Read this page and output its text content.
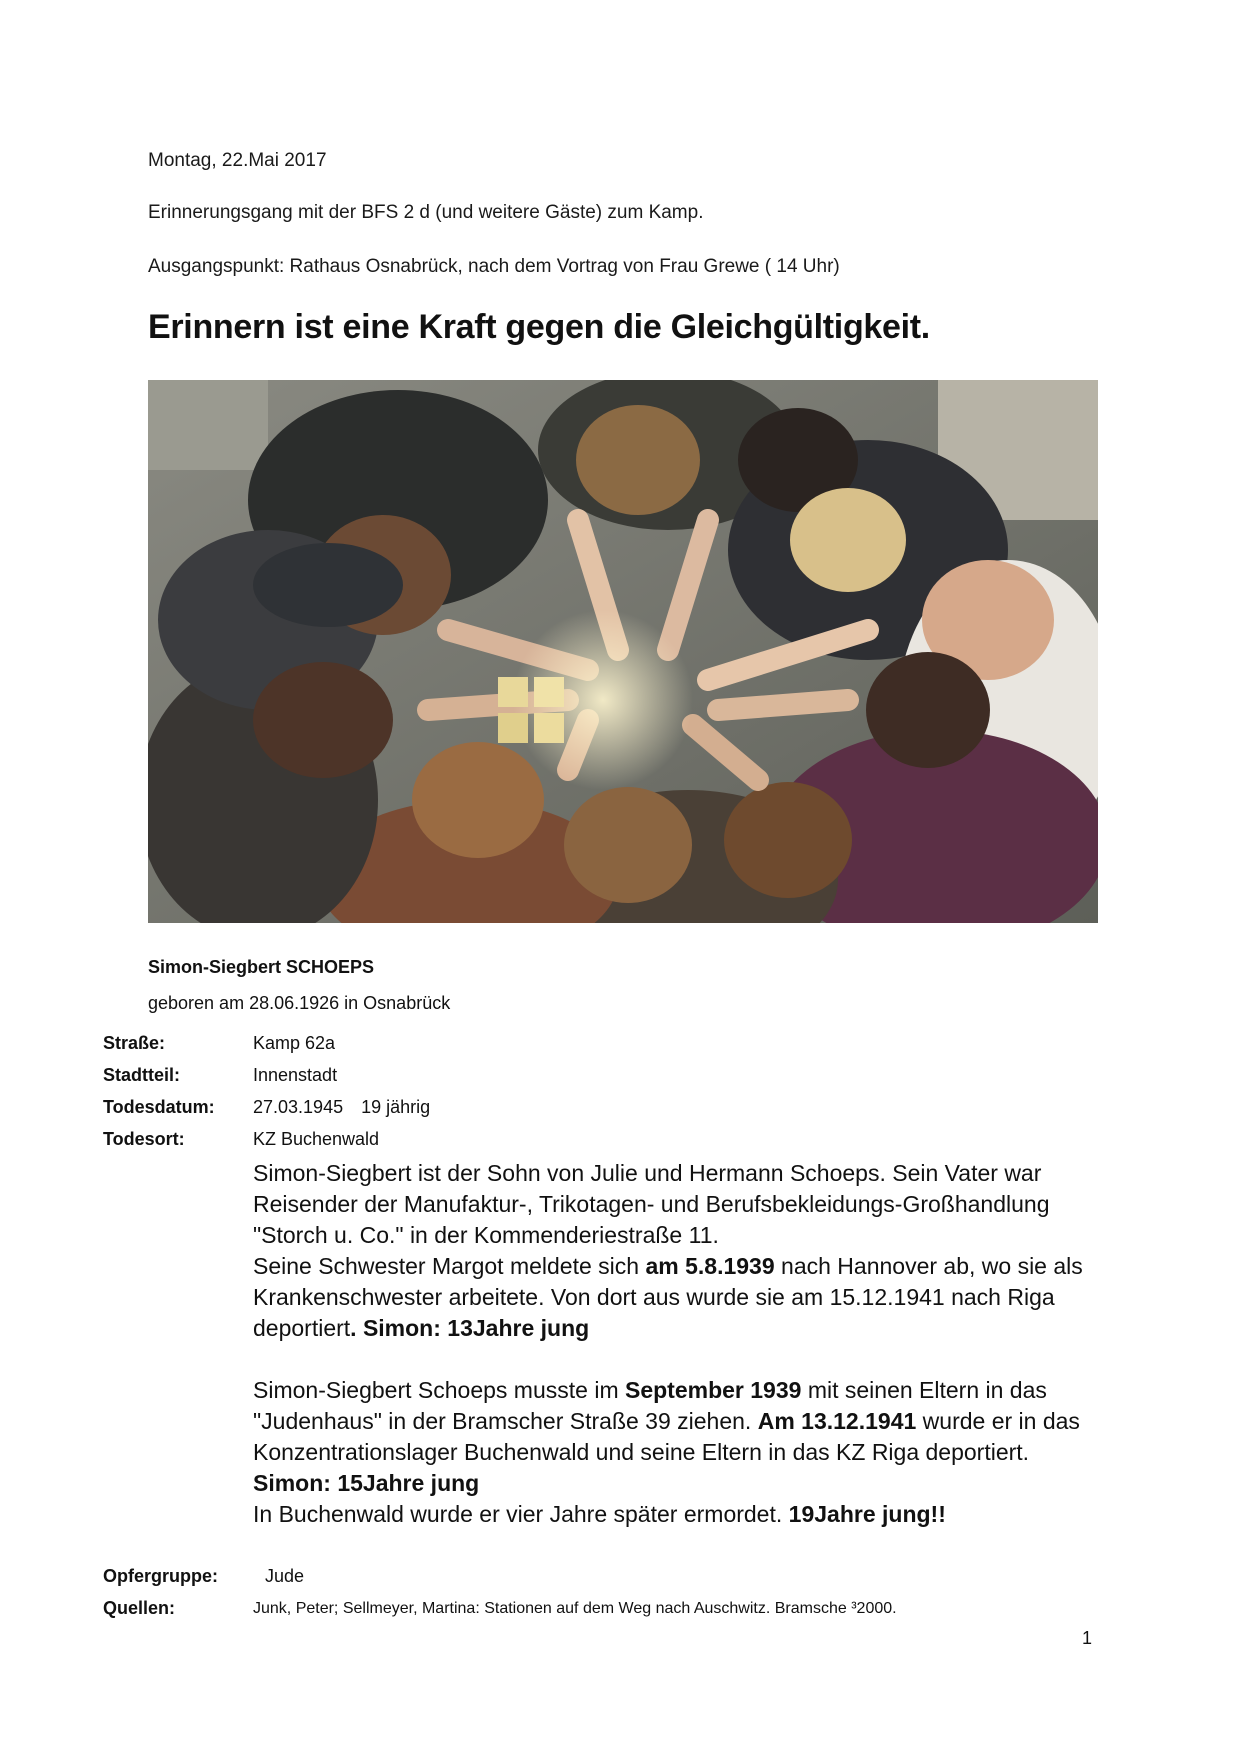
Montag, 22.Mai 2017
Erinnerungsgang mit der BFS 2 d (und weitere Gäste) zum Kamp.
Ausgangspunkt: Rathaus Osnabrück, nach dem Vortrag von Frau Grewe ( 14 Uhr)
Erinnern ist eine Kraft gegen die Gleichgültigkeit.
Simon-Siegbert SCHOEPS
geboren am 28.06.1926 in Osnabrück
Straße:	Kamp 62a
Stadtteil:	Innenstadt
Todesdatum: 27.03.1945 19 jährig
Todesort:	KZ Buchenwald

Simon-Siegbert ist der Sohn von Julie und Hermann Schoeps. Sein Vater war Reisender der Manufaktur-, Trikotagen- und Berufsbekleidungs-Großhandlung "Storch u. Co." in der Kommenderiestraße 11.
Seine Schwester Margot meldete sich am 5.8.1939 nach Hannover ab, wo sie als Krankenschwester arbeitete. Von dort aus wurde sie am 15.12.1941 nach Riga deportiert. Simon: 13Jahre jung

Simon-Siegbert Schoeps musste im September 1939 mit seinen Eltern in das "Judenhaus" in der Bramscher Straße 39 ziehen. Am 13.12.1941 wurde er in das Konzentrationslager Buchenwald und seine Eltern in das KZ Riga deportiert. Simon: 15Jahre jung
In Buchenwald wurde er vier Jahre später ermordet. 19Jahre jung!!

Opfergruppe:	Jude
Quellen:	Junk, Peter; Sellmeyer, Martina: Stationen auf dem Weg nach Auschwitz. Bramsche ³2000.
1
